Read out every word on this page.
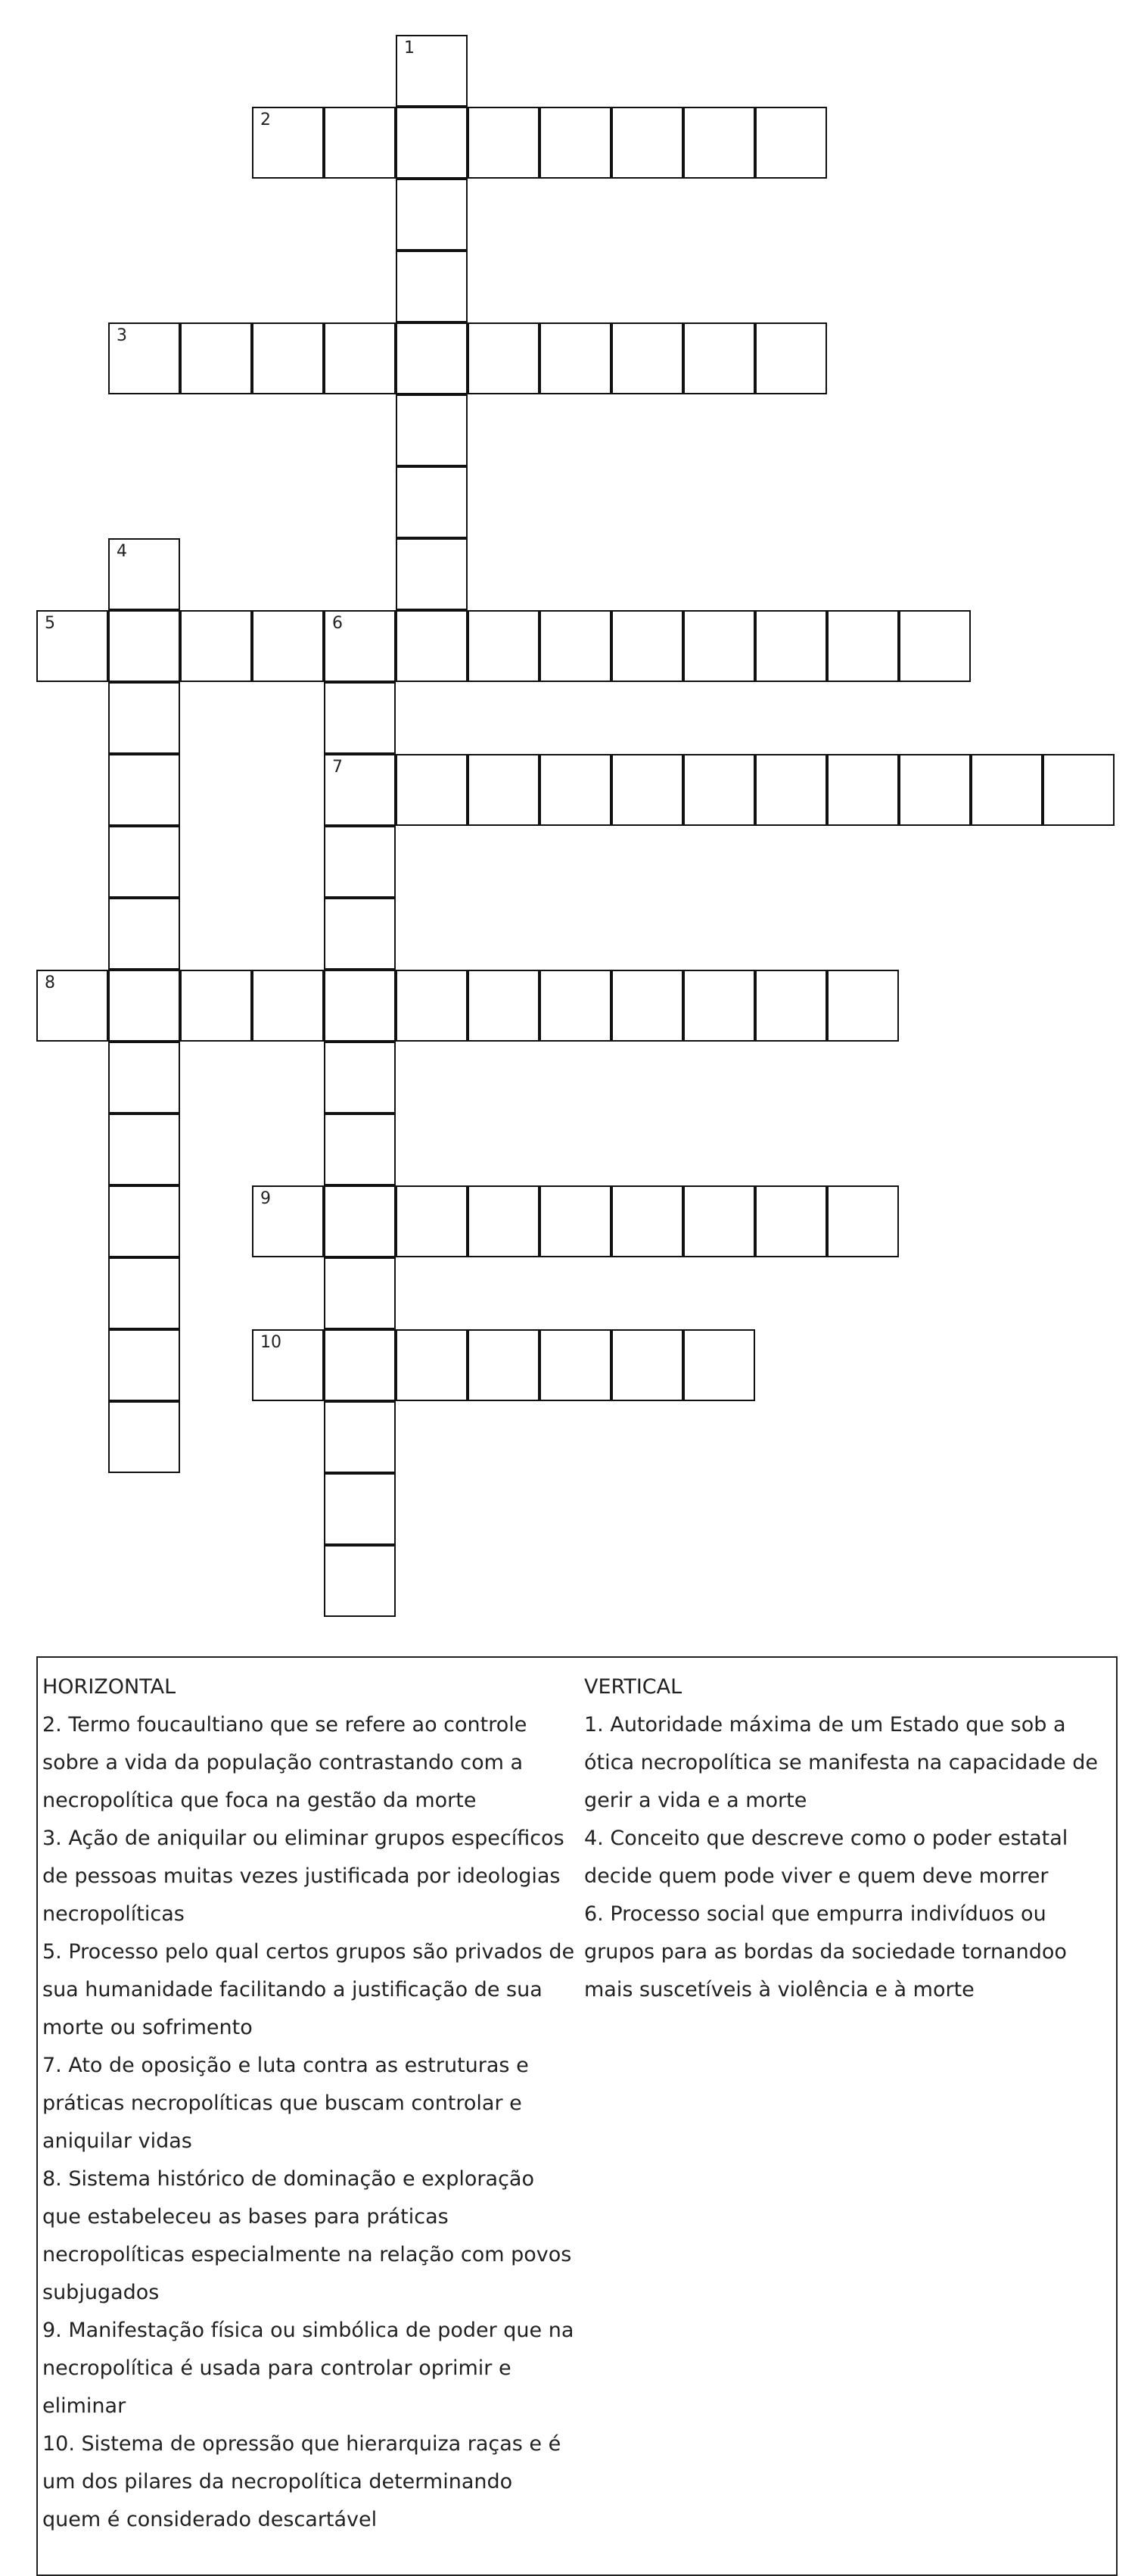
1
2
3
4
5	6
7
8
9
10
HORIZONTAL
2. Termo foucaultiano que se refere ao controle sobre a vida da população contrastando com a necropolítica que foca na gestão da morte
3. Ação de aniquilar ou eliminar grupos específicos de pessoas muitas vezes justificada por ideologias necropolíticas
5. Processo pelo qual certos grupos são privados de sua humanidade facilitando a justificação de sua morte ou sofrimento
7. Ato de oposição e luta contra as estruturas e práticas necropolíticas que buscam controlar e aniquilar vidas
8. Sistema histórico de dominação e exploração que estabeleceu as bases para práticas necropolíticas especialmente na relação com povos subjugados
9. Manifestação física ou simbólica de poder que na necropolítica é usada para controlar oprimir e eliminar
10. Sistema de opressão que hierarquiza raças e é um dos pilares da necropolítica determinando quem é considerado descartável
VERTICAL
1. Autoridade máxima de um Estado que sob a ótica necropolítica se manifesta na capacidade de gerir a vida e a morte
4. Conceito que descreve como o poder estatal decide quem pode viver e quem deve morrer
6. Processo social que empurra indivíduos ou grupos para as bordas da sociedade tornandoo mais suscetíveis à violência e à morte
